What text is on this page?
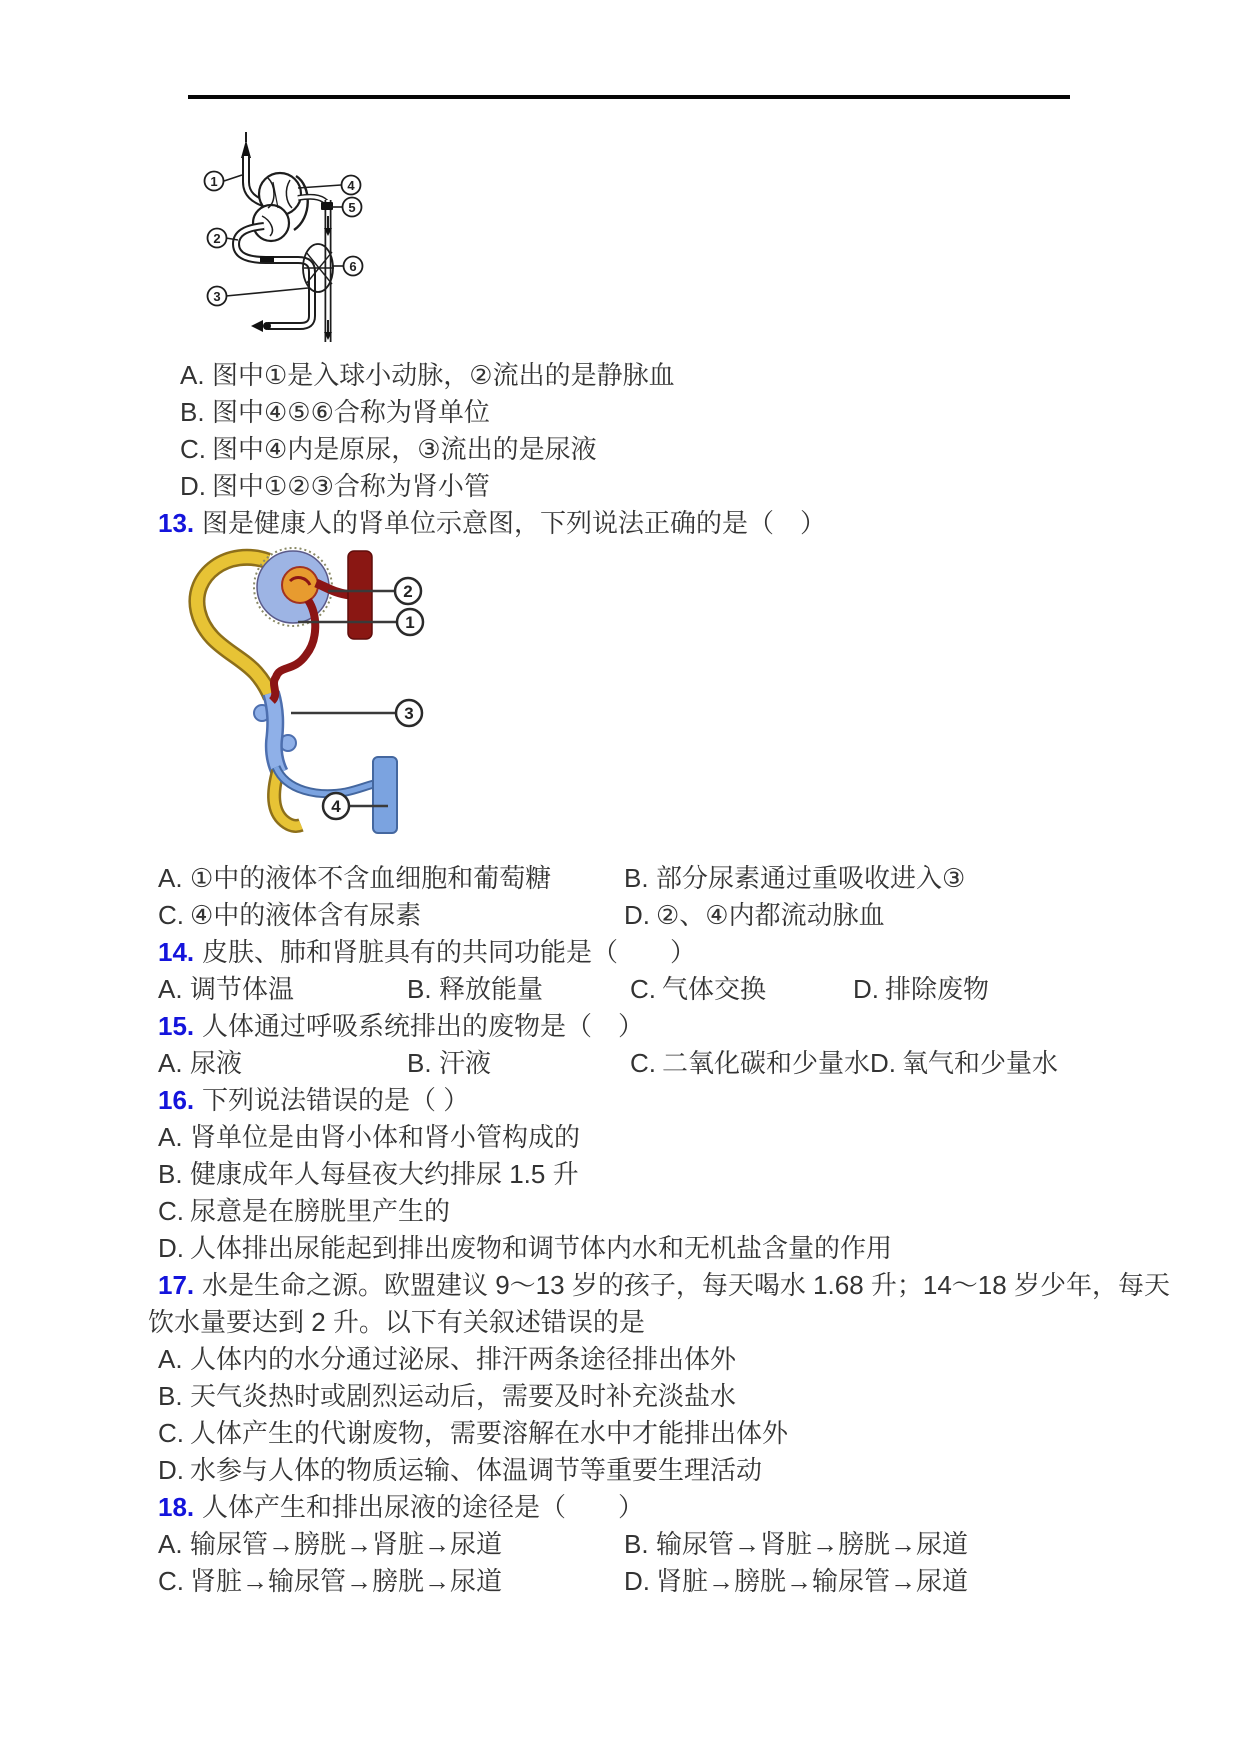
1
2
3
4
5
6
A. 图中①是入球小动脉，②流出的是静脉血
B. 图中④⑤⑥合称为肾单位
C. 图中④内是原尿，③流出的是尿液
D. 图中①②③合称为肾小管
13. 图是健康人的肾单位示意图，下列说法正确的是（　）
2
1
3
4
A. ①中的液体不含血细胞和葡萄糖	B. 部分尿素通过重吸收进入③
C. ④中的液体含有尿素	D. ②、④内都流动脉血
14. 皮肤、肺和肾脏具有的共同功能是（　　）
A. 调节体温	B. 释放能量	C. 气体交换	D. 排除废物
15. 人体通过呼吸系统排出的废物是（　）
A. 尿液	B. 汗液	C. 二氧化碳和少量水 D. 氧气和少量水
16. 下列说法错误的是（ ）
A. 肾单位是由肾小体和肾小管构成的
B. 健康成年人每昼夜大约排尿 1.5 升
C. 尿意是在膀胱里产生的
D. 人体排出尿能起到排出废物和调节体内水和无机盐含量的作用
17. 水是生命之源。欧盟建议 9～13 岁的孩子，每天喝水 1.68 升；14～18 岁少年，每天
饮水量要达到 2 升。以下有关叙述错误的是
A. 人体内的水分通过泌尿、排汗两条途径排出体外
B. 天气炎热时或剧烈运动后，需要及时补充淡盐水
C. 人体产生的代谢废物，需要溶解在水中才能排出体外
D. 水参与人体的物质运输、体温调节等重要生理活动
18. 人体产生和排出尿液的途径是（　　）
A. 输尿管→膀胱→肾脏→尿道	B. 输尿管→肾脏→膀胱→尿道
C. 肾脏→输尿管→膀胱→尿道	D. 肾脏→膀胱→输尿管→尿道
